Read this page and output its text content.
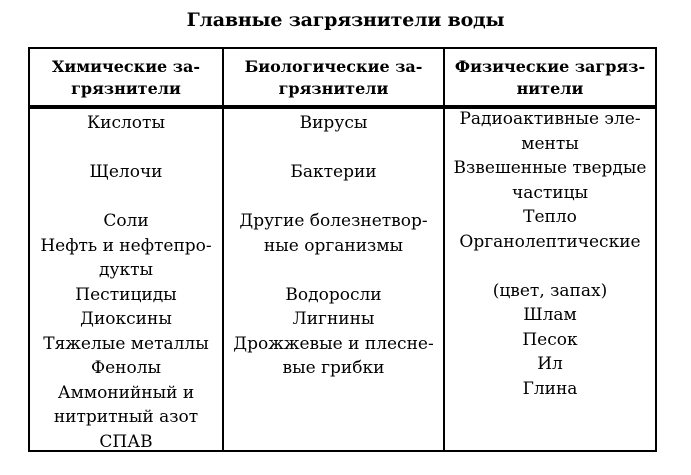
Главные загрязнители воды
Химические за-
грязнители
Биологические за-
грязнители
Физические загряз-
нители
Кислоты
Щелочи
Соли
Нефть и нефтепро-
дукты
Пестициды
Диоксины
Тяжелые металлы
Фенолы
Аммонийный и
нитритный азот
СПАВ
Вирусы
Бактерии
Другие болезнетвор-
ные организмы
Водоросли
Лигнины
Дрожжевые и плесне-
вые грибки
Радиоактивные эле-
менты
Взвешенные твердые
частицы
Тепло
Органолептические
(цвет, запах)
Шлам
Песок
Ил
Глина
